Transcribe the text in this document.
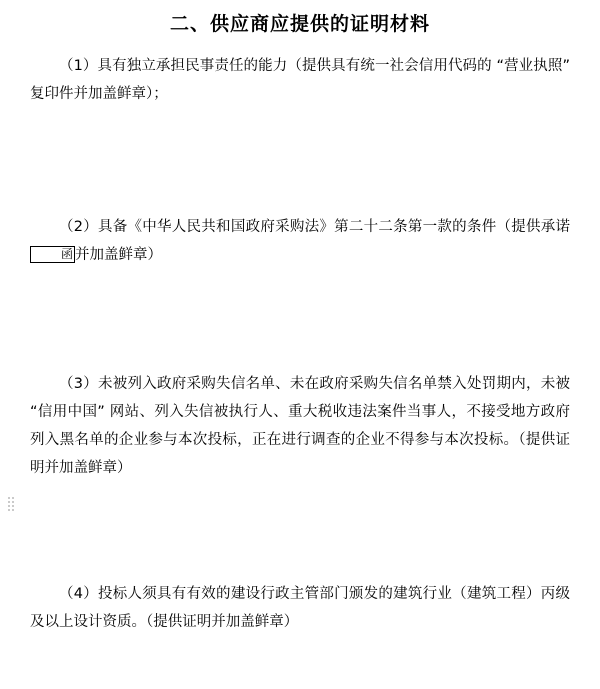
二、供应商应提供的证明材料

（1）具有独立承担民事责任的能力（提供具有统一社会信用代码的 “营业执照” 复印件并加盖鲜章）；

（2）具备《中华人民共和国政府采购法》第二十二条第一款的条件（提供承诺函 并加盖鲜章）

（3）未被列入政府采购失信名单、未在政府采购失信名单禁入处罚期内，未被 “信用中国” 网站、列入失信被执行人、重大税收违法案件当事人，不接受地方政府列入黑名单的企业参与本次投标，正在进行调查的企业不得参与本次投标。（提供证明并加盖鲜章）

（4）投标人须具有有效的建设行政主管部门颁发的建筑行业（建筑工程）丙级及以上设计资质。（提供证明并加盖鲜章）
